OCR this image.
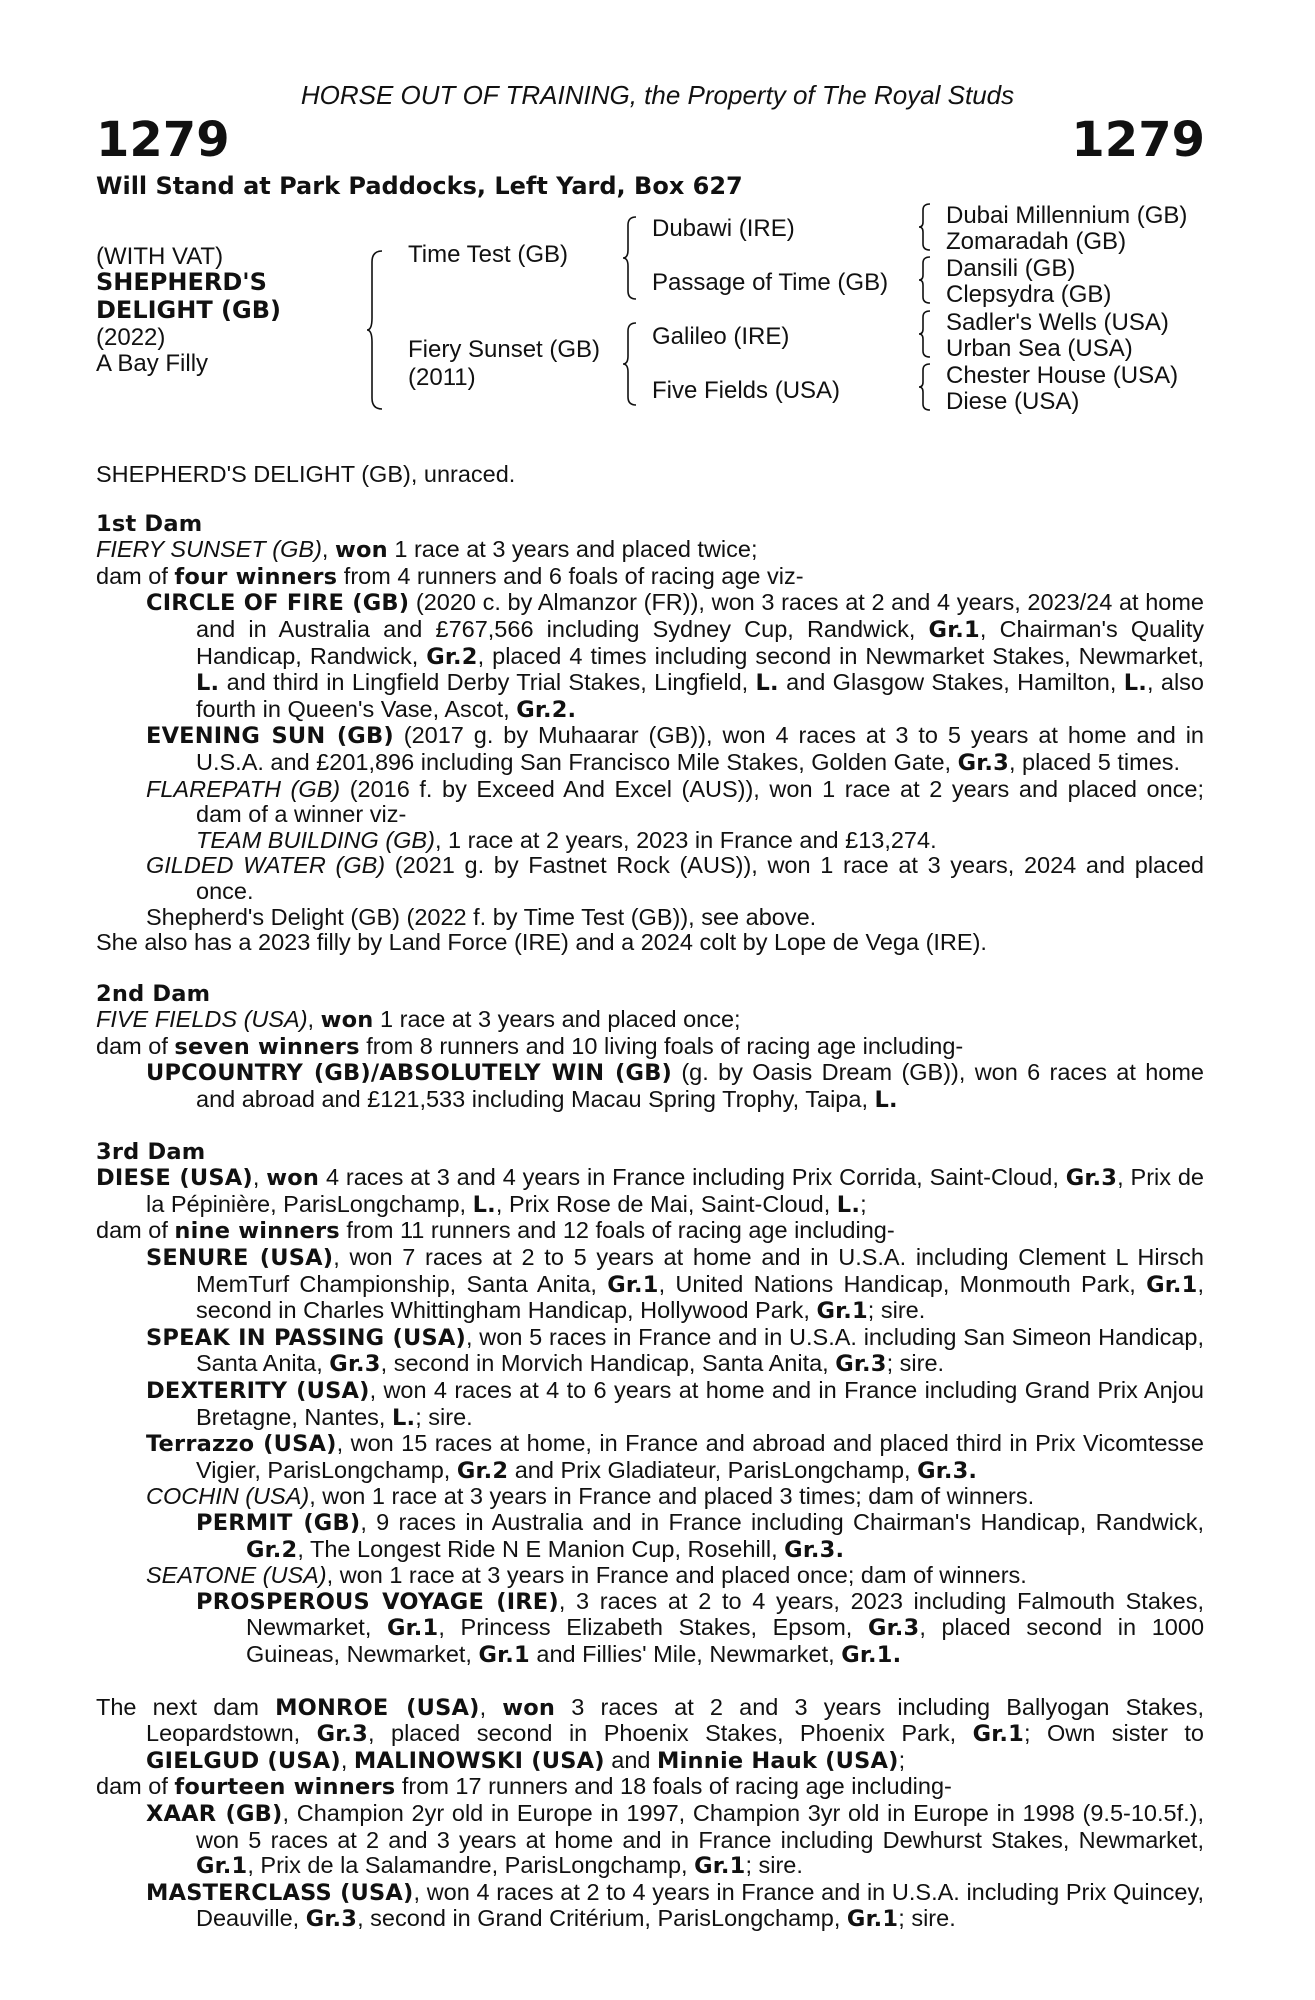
HORSE OUT OF TRAINING, the Property of The Royal Studs
1279	1279
Will Stand at Park Paddocks, Left Yard, Box 627
(WITH VAT)
SHEPHERD'S
DELIGHT (GB)
(2022)
A Bay Filly
Time Test (GB)
Fiery Sunset (GB)
(2011)
Dubawi (IRE)
Passage of Time (GB)
Galileo (IRE)
Five Fields (USA)
Dubai Millennium (GB)
Zomaradah (GB)
Dansili (GB)
Clepsydra (GB)
Sadler's Wells (USA)
Urban Sea (USA)
Chester House (USA)
Diese (USA)

SHEPHERD'S DELIGHT (GB), unraced.

1st Dam

FIERY SUNSET (GB), won 1 race at 3 years and placed twice;

dam of four winners from 4 runners and 6 foals of racing age viz-

CIRCLE OF FIRE (GB) (2020 c. by Almanzor (FR)), won 3 races at 2 and 4 years, 2023/24 at home and in Australia and £767,566 including Sydney Cup, Randwick, Gr.1, Chairman's Quality Handicap, Randwick, Gr.2, placed 4 times including second in Newmarket Stakes, Newmarket, L. and third in Lingfield Derby Trial Stakes, Lingfield, L. and Glasgow Stakes, Hamilton, L., also fourth in Queen's Vase, Ascot, Gr.2.

EVENING SUN (GB) (2017 g. by Muhaarar (GB)), won 4 races at 3 to 5 years at home and in U.S.A. and £201,896 including San Francisco Mile Stakes, Golden Gate, Gr.3, placed 5 times.

FLAREPATH (GB) (2016 f. by Exceed And Excel (AUS)), won 1 race at 2 years and placed once; dam of a winner viz-

TEAM BUILDING (GB), 1 race at 2 years, 2023 in France and £13,274.

GILDED WATER (GB) (2021 g. by Fastnet Rock (AUS)), won 1 race at 3 years, 2024 and placed once.

Shepherd's Delight (GB) (2022 f. by Time Test (GB)), see above.

She also has a 2023 filly by Land Force (IRE) and a 2024 colt by Lope de Vega (IRE).

2nd Dam

FIVE FIELDS (USA), won 1 race at 3 years and placed once;

dam of seven winners from 8 runners and 10 living foals of racing age including-

UPCOUNTRY (GB)/ABSOLUTELY WIN (GB) (g. by Oasis Dream (GB)), won 6 races at home and abroad and £121,533 including Macau Spring Trophy, Taipa, L.

3rd Dam

DIESE (USA), won 4 races at 3 and 4 years in France including Prix Corrida, Saint-Cloud, Gr.3, Prix de la Pépinière, ParisLongchamp, L., Prix Rose de Mai, Saint-Cloud, L.;

dam of nine winners from 11 runners and 12 foals of racing age including-

SENURE (USA), won 7 races at 2 to 5 years at home and in U.S.A. including Clement L Hirsch MemTurf Championship, Santa Anita, Gr.1, United Nations Handicap, Monmouth Park, Gr.1, second in Charles Whittingham Handicap, Hollywood Park, Gr.1; sire.

SPEAK IN PASSING (USA), won 5 races in France and in U.S.A. including San Simeon Handicap, Santa Anita, Gr.3, second in Morvich Handicap, Santa Anita, Gr.3; sire.

DEXTERITY (USA), won 4 races at 4 to 6 years at home and in France including Grand Prix Anjou Bretagne, Nantes, L.; sire.

Terrazzo (USA), won 15 races at home, in France and abroad and placed third in Prix Vicomtesse Vigier, ParisLongchamp, Gr.2 and Prix Gladiateur, ParisLongchamp, Gr.3.

COCHIN (USA), won 1 race at 3 years in France and placed 3 times; dam of winners.

PERMIT (GB), 9 races in Australia and in France including Chairman's Handicap, Randwick, Gr.2, The Longest Ride N E Manion Cup, Rosehill, Gr.3.

SEATONE (USA), won 1 race at 3 years in France and placed once; dam of winners.

PROSPEROUS VOYAGE (IRE), 3 races at 2 to 4 years, 2023 including Falmouth Stakes, Newmarket, Gr.1, Princess Elizabeth Stakes, Epsom, Gr.3, placed second in 1000 Guineas, Newmarket, Gr.1 and Fillies' Mile, Newmarket, Gr.1.

The next dam MONROE (USA), won 3 races at 2 and 3 years including Ballyogan Stakes, Leopardstown, Gr.3, placed second in Phoenix Stakes, Phoenix Park, Gr.1; Own sister to GIELGUD (USA), MALINOWSKI (USA) and Minnie Hauk (USA);

dam of fourteen winners from 17 runners and 18 foals of racing age including-

XAAR (GB), Champion 2yr old in Europe in 1997, Champion 3yr old in Europe in 1998 (9.5-10.5f.), won 5 races at 2 and 3 years at home and in France including Dewhurst Stakes, Newmarket, Gr.1, Prix de la Salamandre, ParisLongchamp, Gr.1; sire.

MASTERCLASS (USA), won 4 races at 2 to 4 years in France and in U.S.A. including Prix Quincey, Deauville, Gr.3, second in Grand Critérium, ParisLongchamp, Gr.1; sire.
